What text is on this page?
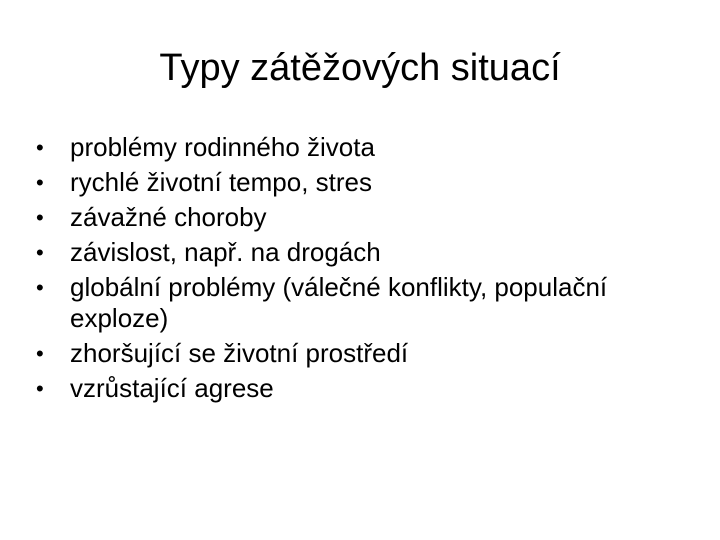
Typy zátěžových situací
•	problémy rodinného života
•	rychlé životní tempo, stres
•	závažné choroby
•	závislost, např. na drogách
•	globální problémy (válečné konflikty, populační exploze)
•	zhoršující se životní prostředí
•	vzrůstající agrese
